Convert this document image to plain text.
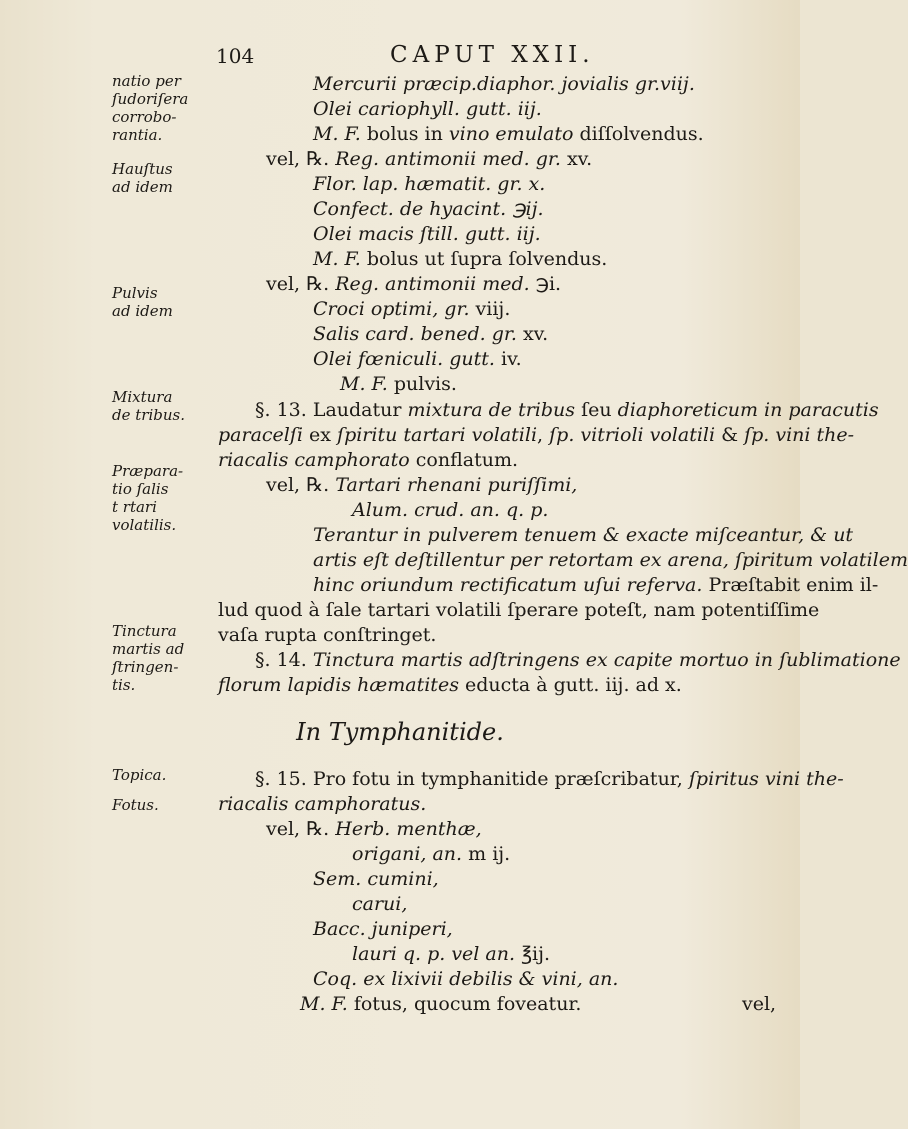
104	CAPUT XXII.
natio per
ſudoriſera
corrobo-
rantia.
Hauſtus
ad idem
Pulvis
ad idem
Mixtura
de tribus.
Præpara-
tio ſalis
t rtari
volatilis.
Tinctura
martis ad
ſtringen-
tis.
Topica.
Fotus.
Mercurii præcip.diaphor. jovialis gr.viij.
Olei cariophyll. gutt. iij.
M. F. bolus in vino emulato diſſolvendus.
vel, ℞. Reg. antimonii med. gr. xv.
Flor. lap. hæmatit. gr. x.
Confect. de hyacint. ℈ij.
Olei macis ſtill. gutt. iij.
M. F. bolus ut ſupra ſolvendus.
vel, ℞. Reg. antimonii med. ℈i.
Croci optimi, gr. viij.
Salis card. bened. gr. xv.
Olei fœniculi. gutt. iv.
M. F. pulvis.
§. 13. Laudatur mixtura de tribus ſeu diaphoreticum in paracutis
paracelſi ex ſpiritu tartari volatili, ſp. vitrioli volatili & ſp. vini the-
riacalis camphorato conflatum.
vel, ℞. Tartari rhenani puriſſimi,
Alum. crud. an. q. p.
Terantur in pulverem tenuem & exacte miſceantur, & ut
artis eſt deſtillentur per retortam ex arena, ſpiritum volatilem
hinc oriundum rectificatum uſui referva. Præſtabit enim il-
lud quod à ſale tartari volatili ſperare poteſt, nam potentiſſime
vaſa rupta conſtringet.
§. 14. Tinctura martis adſtringens ex capite mortuo in ſublimatione
florum lapidis hæmatites educta à gutt. iij. ad x.
In Tymphanitide.
§. 15. Pro fotu in tymphanitide præſcribatur, ſpiritus vini the-
riacalis camphoratus.
vel, ℞. Herb. menthæ,
origani, an. m ij.
Sem. cumini,
carui,
Bacc. juniperi,
lauri q. p. vel an. ℥ij.
Coq. ex lixivii debilis & vini, an.
M. F. fotus, quocum foveatur.	vel,
